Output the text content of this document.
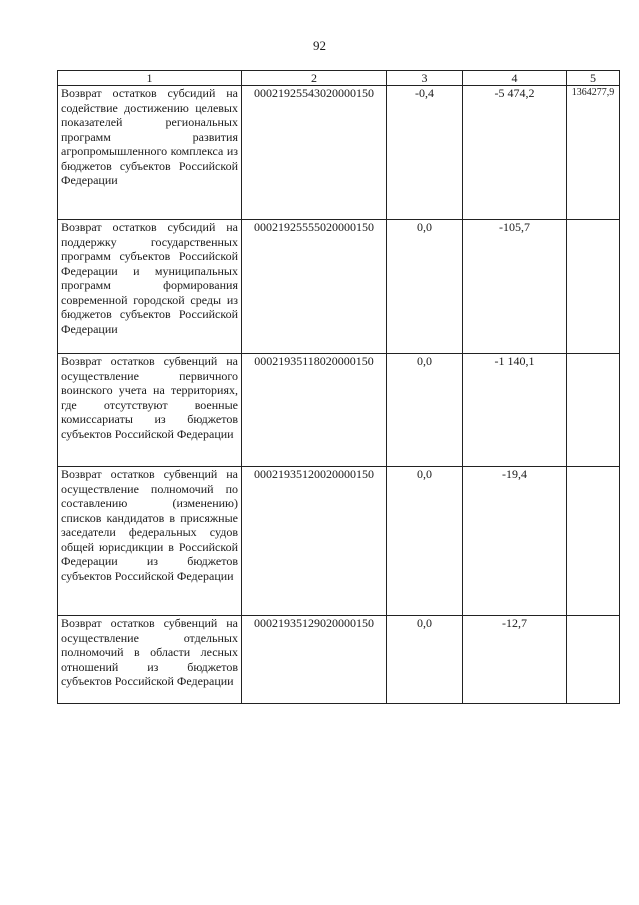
92
1	2	3	4	5
Возврат остатков субсидий на содействие достижению целевых показателей региональных программ развития агропромышленного комплекса из бюджетов субъектов Российской Федерации	00021925543020000150	-0,4	-5 474,2	1364277,9
Возврат остатков субсидий на поддержку государственных программ субъектов Российской Федерации и муниципальных программ формирования современной городской среды из бюджетов субъектов Российской Федерации	00021925555020000150	0,0	-105,7	
Возврат остатков субвенций на осуществление первичного воинского учета на территориях, где отсутствуют военные комиссариаты из бюджетов субъектов Российской Федерации	00021935118020000150	0,0	-1 140,1	
Возврат остатков субвенций на осуществление полномочий по составлению (изменению) списков кандидатов в присяжные заседатели федеральных судов общей юрисдикции в Российской Федерации из бюджетов субъектов Российской Федерации	00021935120020000150	0,0	-19,4	
Возврат остатков субвенций на осуществление отдельных полномочий в области лесных отношений из бюджетов субъектов Российской Федерации	00021935129020000150	0,0	-12,7	
